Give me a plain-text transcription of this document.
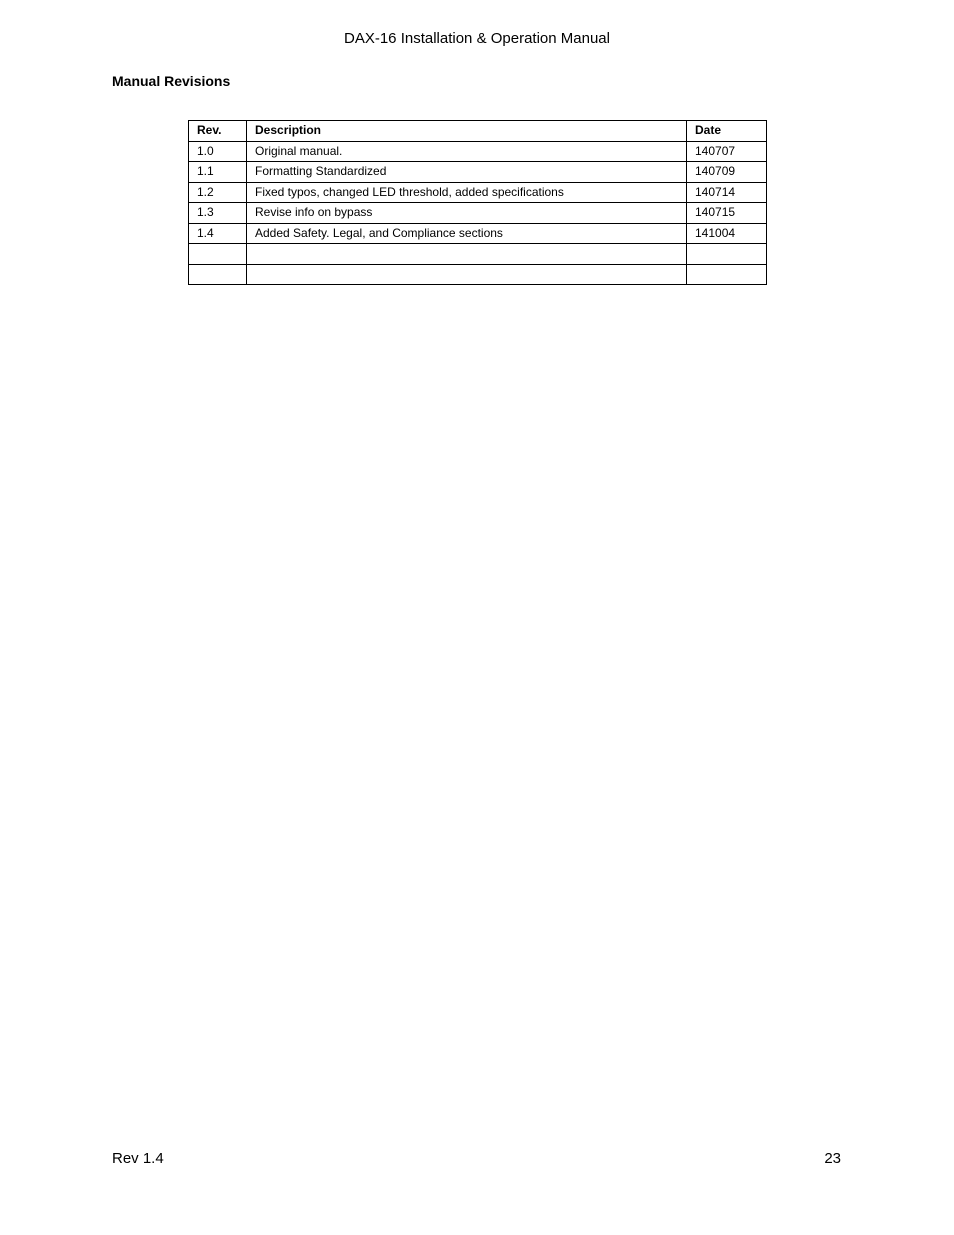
DAX-16 Installation & Operation Manual
Manual Revisions
Rev.	Description	Date
1.0	Original manual.	140707
1.1	Formatting Standardized	140709
1.2	Fixed typos, changed LED threshold, added specifications	140714
1.3	Revise info on bypass	140715
1.4	Added Safety. Legal, and Compliance sections	141004

Rev 1.4	23
